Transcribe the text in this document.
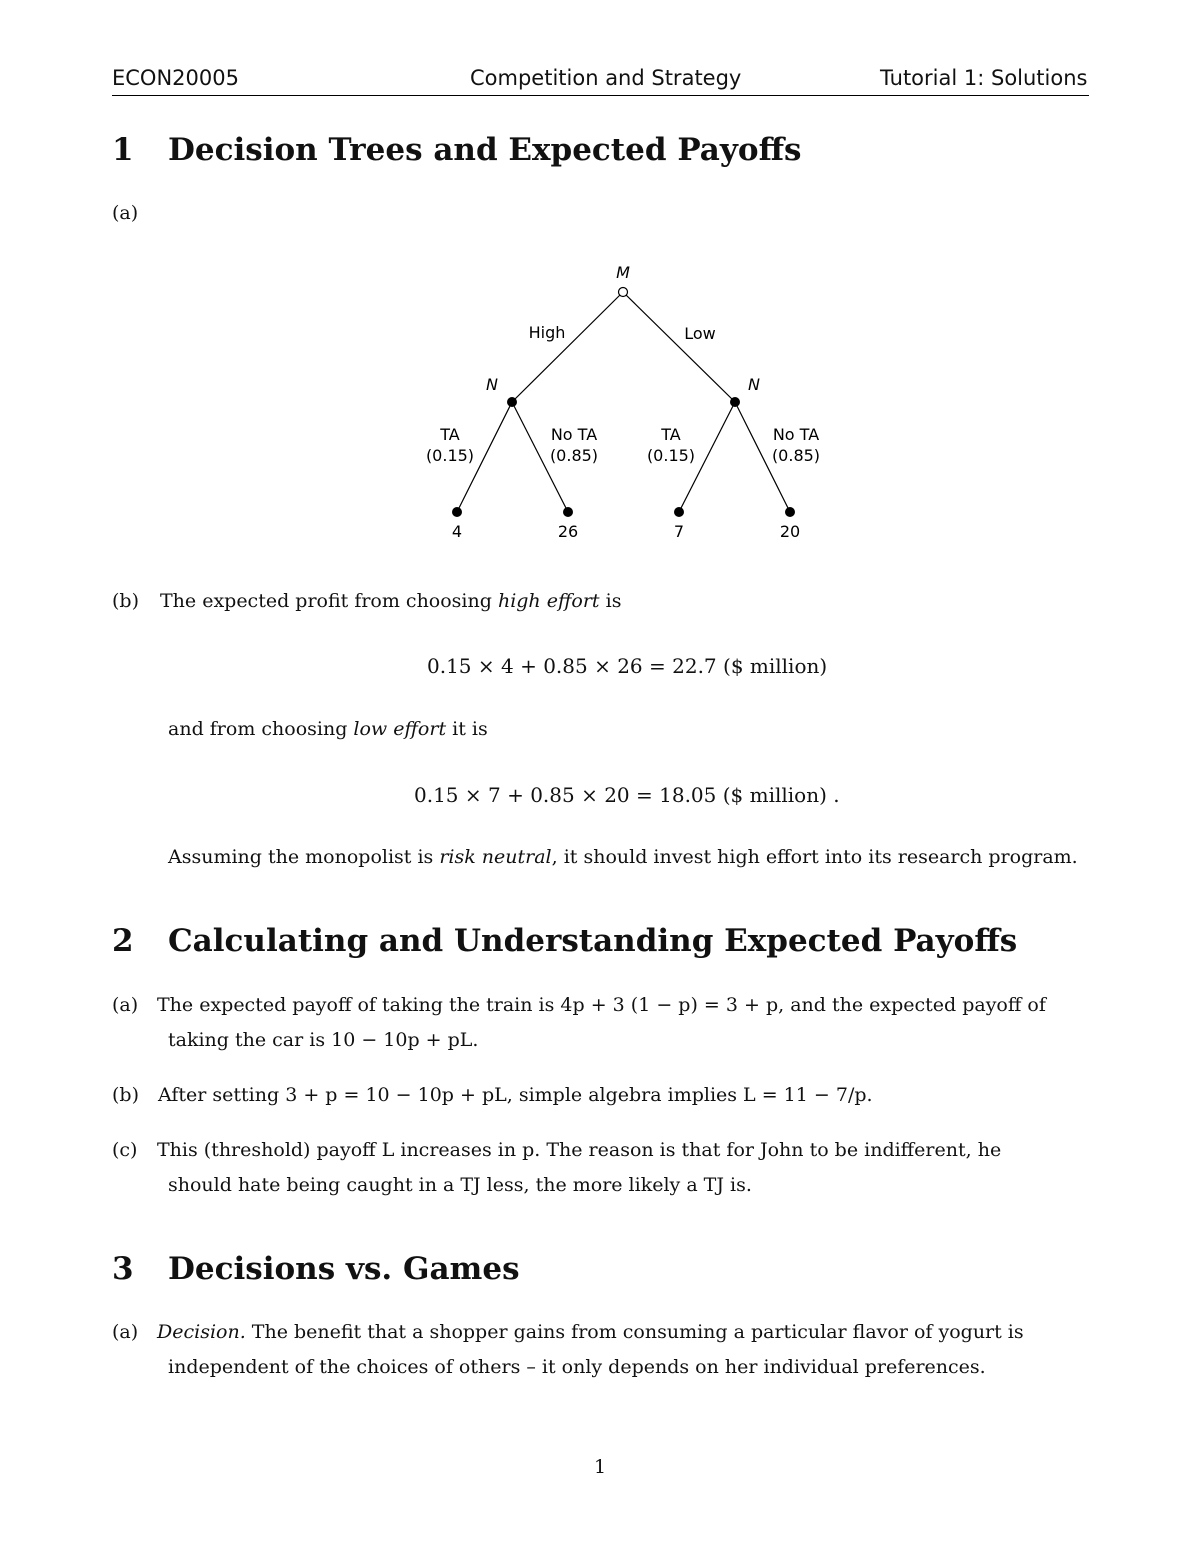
ECON20005	Competition and Strategy	Tutorial 1: Solutions
1 Decision Trees and Expected Payoffs
(a)
M
High	Low
N	N
TA
(0.15)
No TA
(0.85)
TA
(0.15)
No TA
(0.85)
4	26	7	20
(b) The expected profit from choosing high effort is
0.15 × 4 + 0.85 × 26 = 22.7 ($ million)
and from choosing low effort it is
0.15 × 7 + 0.85 × 20 = 18.05 ($ million) .
Assuming the monopolist is risk neutral, it should invest high effort into its research program.
2 Calculating and Understanding Expected Payoffs
(a) The expected payoff of taking the train is 4p + 3 (1 − p) = 3 + p, and the expected payoff of
taking the car is 10 − 10p + pL.
(b) After setting 3 + p = 10 − 10p + pL, simple algebra implies L = 11 − 7/p.
(c) This (threshold) payoff L increases in p. The reason is that for John to be indifferent, he
should hate being caught in a TJ less, the more likely a TJ is.
3 Decisions vs. Games
(a) Decision. The benefit that a shopper gains from consuming a particular flavor of yogurt is
independent of the choices of others – it only depends on her individual preferences.
1
